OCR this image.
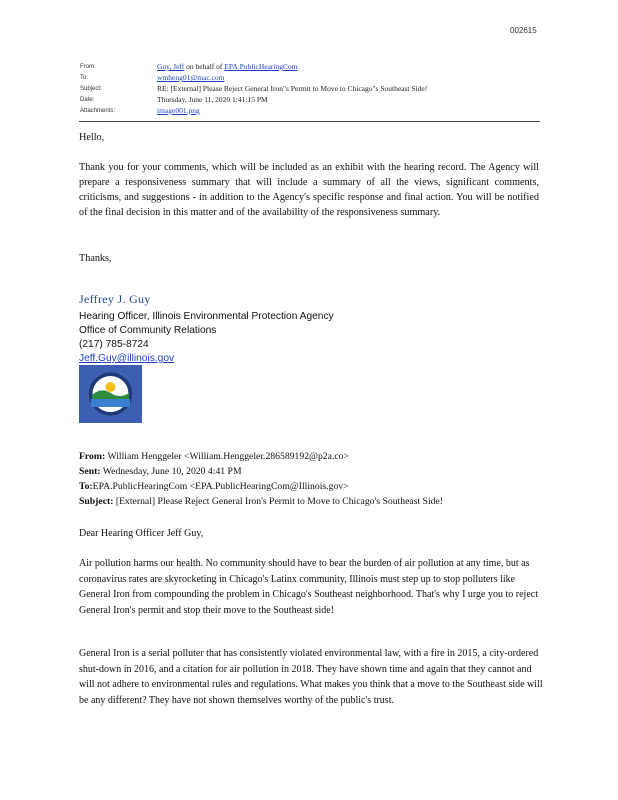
002615
From:	Guy, Jeff on behalf of EPA.PublicHearingCom
To:	wmheng01@mac.com
Subject:	RE: [External] Please Reject General Iron"s Permit to Move to Chicago"s Southeast Side!
Date:	Thursday, June 11, 2020 1:41:15 PM
Attachments:	image001.png
Hello,
Thank you for your comments, which will be included as an exhibit with the hearing record. The Agency will prepare a responsiveness summary that will include a summary of all the views, significant comments, criticisms, and suggestions - in addition to the Agency's specific response and final action. You will be notified of the final decision in this matter and of the availability of the responsiveness summary.
Thanks,
Jeffrey J. Guy
Hearing Officer, Illinois Environmental Protection Agency
Office of Community Relations
(217) 785-8724
Jeff.Guy@illinois.gov
From: William Henggeler <William.Henggeler.286589192@p2a.co>
Sent: Wednesday, June 10, 2020 4:41 PM
To:EPA.PublicHearingCom <EPA.PublicHearingCom@Illinois.gov>
Subject: [External] Please Reject General Iron's Permit to Move to Chicago's Southeast Side!
Dear Hearing Officer Jeff Guy,
Air pollution harms our health. No community should have to bear the burden of air pollution at any time, but as coronavirus rates are skyrocketing in Chicago's Latinx community, Illinois must step up to stop polluters like General Iron from compounding the problem in Chicago's Southeast neighborhood. That's why I urge you to reject General Iron's permit and stop their move to the Southeast side!
General Iron is a serial polluter that has consistently violated environmental law, with a fire in 2015, a city-ordered shut-down in 2016, and a citation for air pollution in 2018. They have shown time and again that they cannot and will not adhere to environmental rules and regulations. What makes you think that a move to the Southeast side will be any different? They have not shown themselves worthy of the public's trust.
